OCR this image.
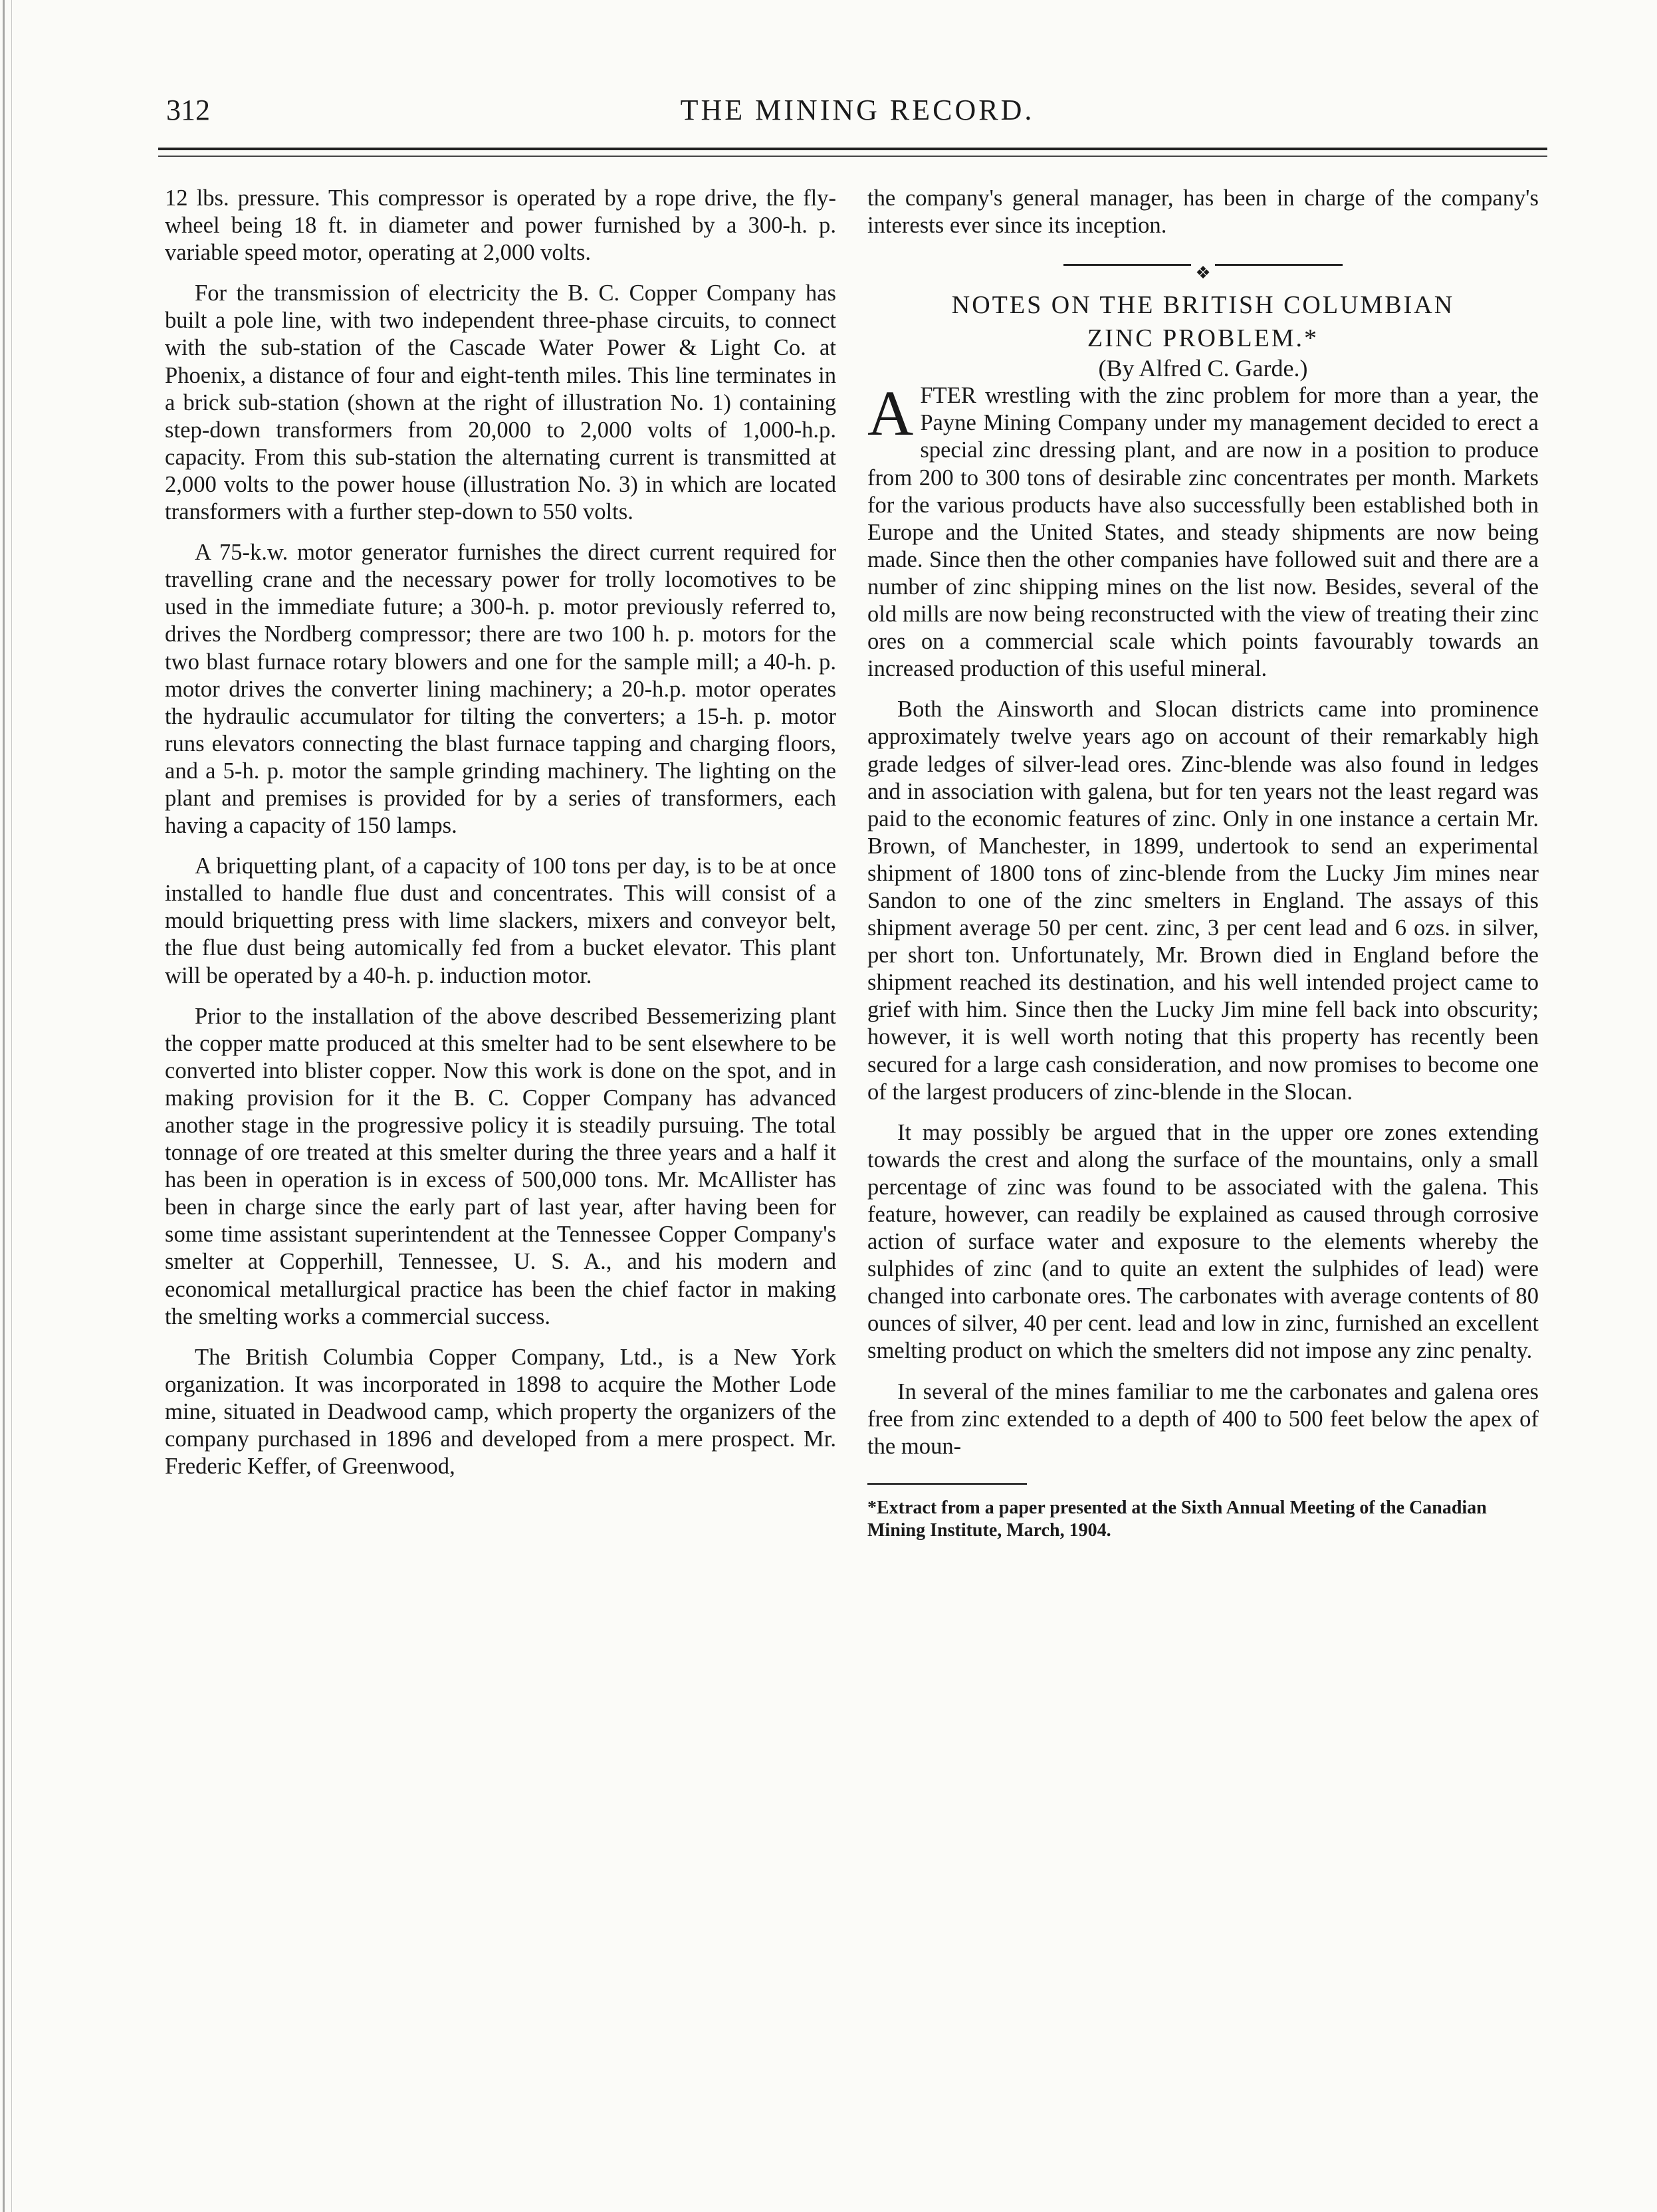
312	THE MINING RECORD.

12 lbs. pressure. This compressor is operated by a rope drive, the fly-wheel being 18 ft. in diameter and power furnished by a 300-h. p. variable speed motor, operating at 2,000 volts.

For the transmission of electricity the B. C. Copper Company has built a pole line, with two independent three-phase circuits, to connect with the sub-station of the Cascade Water Power & Light Co. at Phoenix, a distance of four and eight-tenth miles. This line terminates in a brick sub-station (shown at the right of illustration No. 1) containing step-down transformers from 20,000 to 2,000 volts of 1,000-h.p. capacity. From this sub-station the alternating current is transmitted at 2,000 volts to the power house (illustration No. 3) in which are located transformers with a further step-down to 550 volts.

A 75-k.w. motor generator furnishes the direct current required for travelling crane and the necessary power for trolly locomotives to be used in the immediate future; a 300-h. p. motor previously referred to, drives the Nordberg compressor; there are two 100 h. p. motors for the two blast furnace rotary blowers and one for the sample mill; a 40-h. p. motor drives the converter lining machinery; a 20-h.p. motor operates the hydraulic accumulator for tilting the converters; a 15-h. p. motor runs elevators connecting the blast furnace tapping and charging floors, and a 5-h. p. motor the sample grinding machinery. The lighting on the plant and premises is provided for by a series of transformers, each having a capacity of 150 lamps.

A briquetting plant, of a capacity of 100 tons per day, is to be at once installed to handle flue dust and concentrates. This will consist of a mould briquetting press with lime slackers, mixers and conveyor belt, the flue dust being automically fed from a bucket elevator. This plant will be operated by a 40-h. p. induction motor.

Prior to the installation of the above described Bessemerizing plant the copper matte produced at this smelter had to be sent elsewhere to be converted into blister copper. Now this work is done on the spot, and in making provision for it the B. C. Copper Company has advanced another stage in the progressive policy it is steadily pursuing. The total tonnage of ore treated at this smelter during the three years and a half it has been in operation is in excess of 500,000 tons. Mr. McAllister has been in charge since the early part of last year, after having been for some time assistant superintendent at the Tennessee Copper Company's smelter at Copperhill, Tennessee, U. S. A., and his modern and economical metallurgical practice has been the chief factor in making the smelting works a commercial success.

The British Columbia Copper Company, Ltd., is a New York organization. It was incorporated in 1898 to acquire the Mother Lode mine, situated in Deadwood camp, which property the organizers of the company purchased in 1896 and developed from a mere prospect. Mr. Frederic Keffer, of Greenwood,

the company's general manager, has been in charge of the company's interests ever since its inception.

❖

NOTES ON THE BRITISH COLUMBIAN

ZINC PROBLEM.*

(By Alfred C. Garde.)

AFTER wrestling with the zinc problem for more than a year, the Payne Mining Company under my management decided to erect a special zinc dressing plant, and are now in a position to produce from 200 to 300 tons of desirable zinc concentrates per month. Markets for the various products have also successfully been established both in Europe and the United States, and steady shipments are now being made. Since then the other companies have followed suit and there are a number of zinc shipping mines on the list now. Besides, several of the old mills are now being reconstructed with the view of treating their zinc ores on a commercial scale which points favourably towards an increased production of this useful mineral.

Both the Ainsworth and Slocan districts came into prominence approximately twelve years ago on account of their remarkably high grade ledges of silver-lead ores. Zinc-blende was also found in ledges and in association with galena, but for ten years not the least regard was paid to the economic features of zinc. Only in one instance a certain Mr. Brown, of Manchester, in 1899, undertook to send an experimental shipment of 1800 tons of zinc-blende from the Lucky Jim mines near Sandon to one of the zinc smelters in England. The assays of this shipment average 50 per cent. zinc, 3 per cent lead and 6 ozs. in silver, per short ton. Unfortunately, Mr. Brown died in England before the shipment reached its destination, and his well intended project came to grief with him. Since then the Lucky Jim mine fell back into obscurity; however, it is well worth noting that this property has recently been secured for a large cash consideration, and now promises to become one of the largest producers of zinc-blende in the Slocan.

It may possibly be argued that in the upper ore zones extending towards the crest and along the surface of the mountains, only a small percentage of zinc was found to be associated with the galena. This feature, however, can readily be explained as caused through corrosive action of surface water and exposure to the elements whereby the sulphides of zinc (and to quite an extent the sulphides of lead) were changed into carbonate ores. The carbonates with average contents of 80 ounces of silver, 40 per cent. lead and low in zinc, furnished an excellent smelting product on which the smelters did not impose any zinc penalty.

In several of the mines familiar to me the carbonates and galena ores free from zinc extended to a depth of 400 to 500 feet below the apex of the moun-

*Extract from a paper presented at the Sixth Annual Meeting of the Canadian Mining Institute, March, 1904.
